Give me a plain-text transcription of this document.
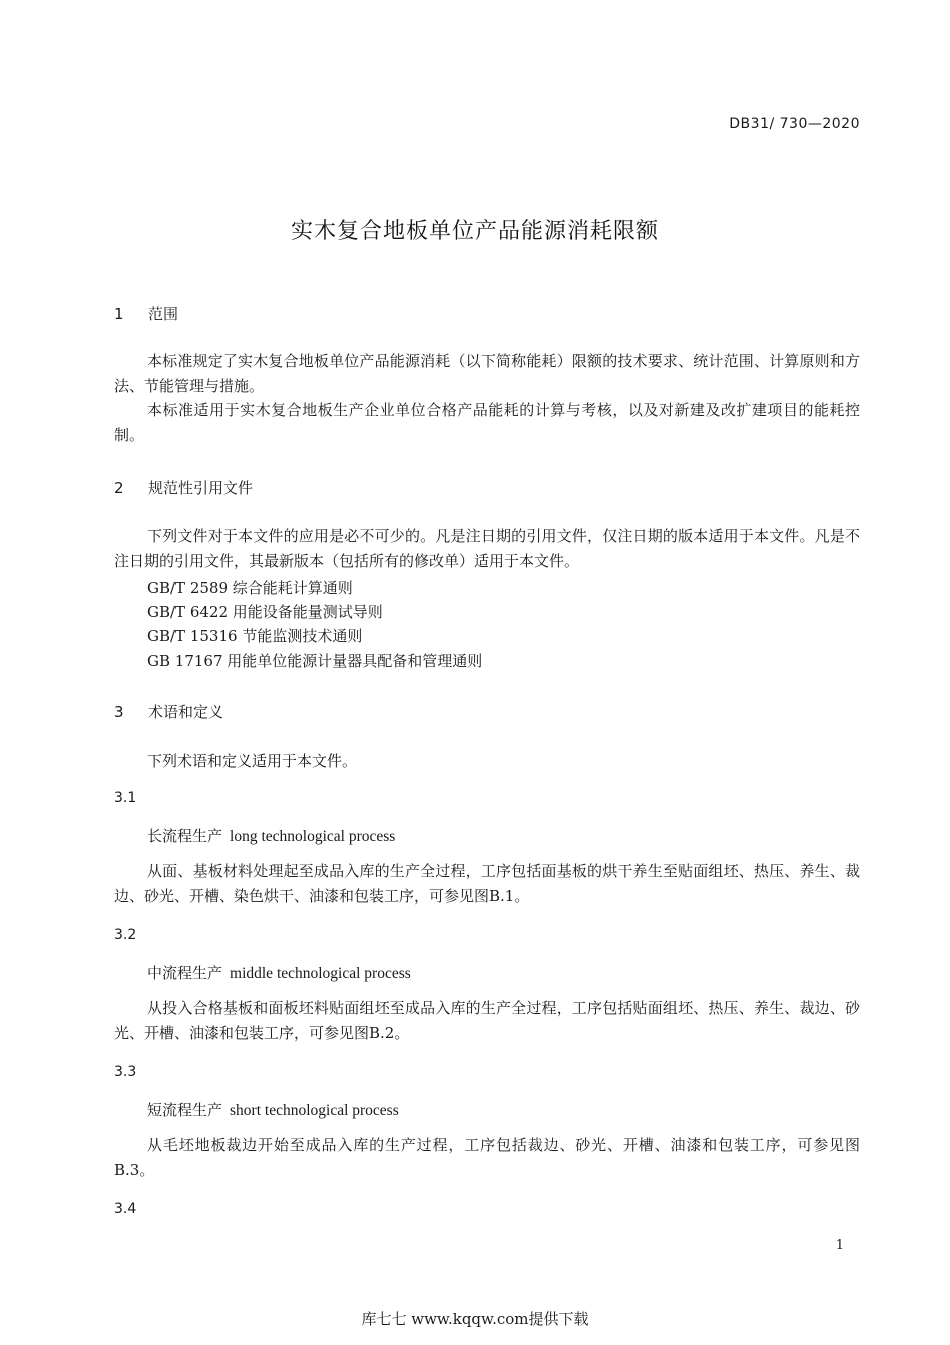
DB31/ 730—2020
实木复合地板单位产品能源消耗限额
1 范围
本标准规定了实木复合地板单位产品能源消耗（以下简称能耗）限额的技术要求、统计范围、计算原则和方法、节能管理与措施。
本标准适用于实木复合地板生产企业单位合格产品能耗的计算与考核，以及对新建及改扩建项目的能耗控制。
2 规范性引用文件
下列文件对于本文件的应用是必不可少的。凡是注日期的引用文件，仅注日期的版本适用于本文件。凡是不注日期的引用文件，其最新版本（包括所有的修改单）适用于本文件。
GB/T 2589 综合能耗计算通则
GB/T 6422 用能设备能量测试导则
GB/T 15316 节能监测技术通则
GB 17167 用能单位能源计量器具配备和管理通则
3 术语和定义
下列术语和定义适用于本文件。
3.1
长流程生产 long technological process
从面、基板材料处理起至成品入库的生产全过程，工序包括面基板的烘干养生至贴面组坯、热压、养生、裁边、砂光、开槽、染色烘干、油漆和包装工序，可参见图B.1。
3.2
中流程生产 middle technological process
从投入合格基板和面板坯料贴面组坯至成品入库的生产全过程，工序包括贴面组坯、热压、养生、裁边、砂光、开槽、油漆和包装工序，可参见图B.2。
3.3
短流程生产 short technological process
从毛坯地板裁边开始至成品入库的生产过程，工序包括裁边、砂光、开槽、油漆和包装工序，可参见图B.3。
3.4
1
库七七 www.kqqw.com提供下载
